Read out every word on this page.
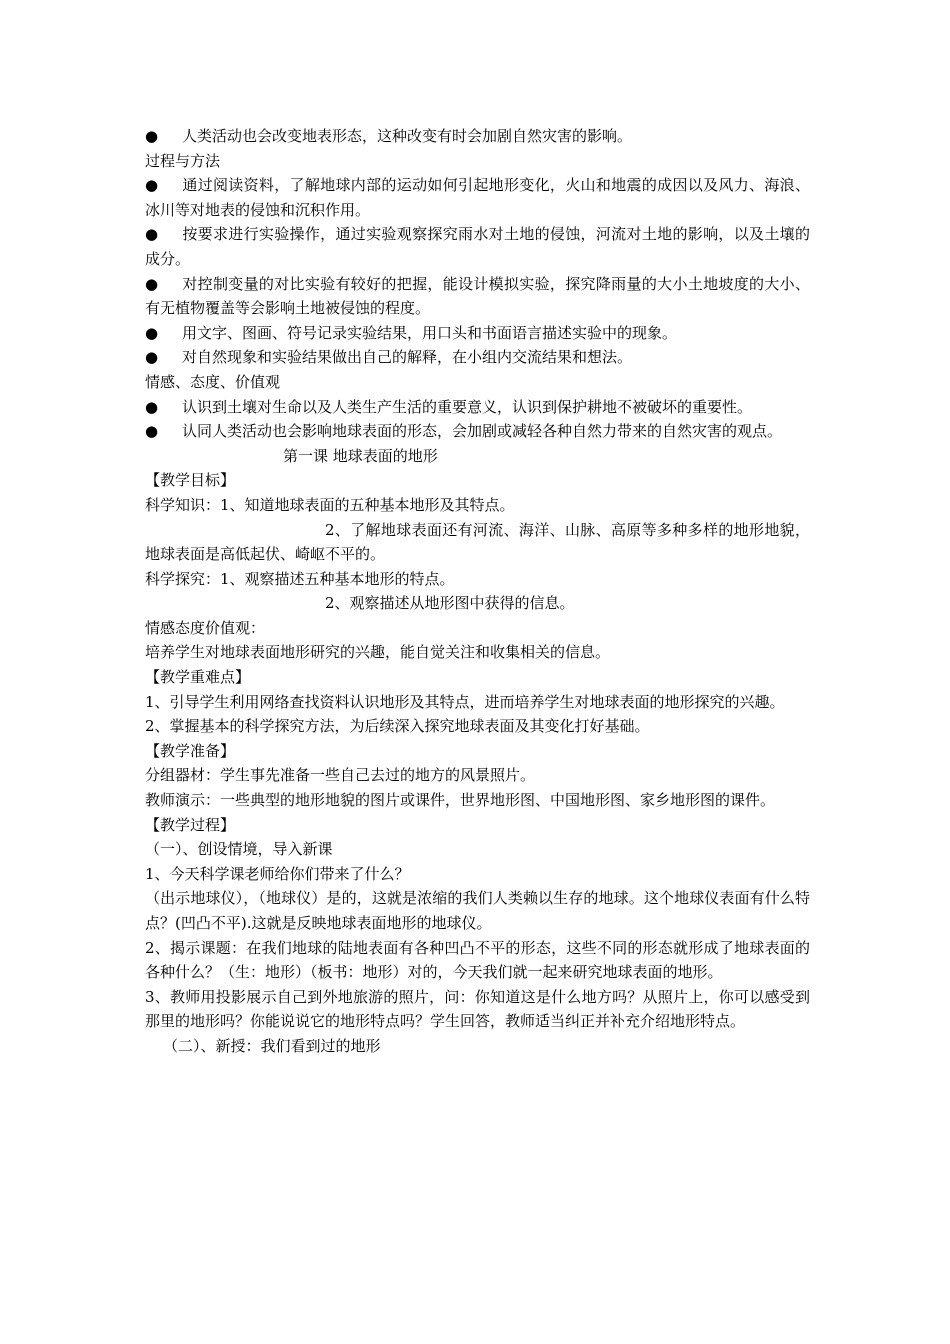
● 人类活动也会改变地表形态，这种改变有时会加剧自然灾害的影响。

过程与方法

● 通过阅读资料，了解地球内部的运动如何引起地形变化，火山和地震的成因以及风力、海浪、冰川等对地表的侵蚀和沉积作用。

● 按要求进行实验操作，通过实验观察探究雨水对土地的侵蚀，河流对土地的影响，以及土壤的成分。

● 对控制变量的对比实验有较好的把握，能设计模拟实验，探究降雨量的大小土地坡度的大小、有无植物覆盖等会影响土地被侵蚀的程度。

● 用文字、图画、符号记录实验结果，用口头和书面语言描述实验中的现象。

● 对自然现象和实验结果做出自己的解释，在小组内交流结果和想法。

情感、态度、价值观

● 认识到土壤对生命以及人类生产生活的重要意义，认识到保护耕地不被破坏的重要性。

● 认同人类活动也会影响地球表面的形态，会加剧或减轻各种自然力带来的自然灾害的观点。

第一课 地球表面的地形

【教学目标】

科学知识：1、知道地球表面的五种基本地形及其特点。

2、了解地球表面还有河流、海洋、山脉、高原等多种多样的地形地貌，地球表面是高低起伏、崎岖不平的。

科学探究：1、观察描述五种基本地形的特点。

2、观察描述从地形图中获得的信息。

情感态度价值观：

培养学生对地球表面地形研究的兴趣，能自觉关注和收集相关的信息。

【教学重难点】

1、引导学生利用网络查找资料认识地形及其特点，进而培养学生对地球表面的地形探究的兴趣。

2、掌握基本的科学探究方法，为后续深入探究地球表面及其变化打好基础。

【教学准备】

分组器材：学生事先准备一些自己去过的地方的风景照片。

教师演示：一些典型的地形地貌的图片或课件，世界地形图、中国地形图、家乡地形图的课件。

【教学过程】

（一）、创设情境，导入新课

1、今天科学课老师给你们带来了什么？

（出示地球仪），（地球仪）是的，这就是浓缩的我们人类赖以生存的地球。这个地球仪表面有什么特点？(凹凸不平).这就是反映地球表面地形的地球仪。

2、揭示课题：在我们地球的陆地表面有各种凹凸不平的形态，这些不同的形态就形成了地球表面的各种什么？（生：地形）（板书：地形）对的，今天我们就一起来研究地球表面的地形。

3、教师用投影展示自己到外地旅游的照片，问：你知道这是什么地方吗？从照片上，你可以感受到那里的地形吗？你能说说它的地形特点吗？学生回答，教师适当纠正并补充介绍地形特点。

（二）、新授：我们看到过的地形
